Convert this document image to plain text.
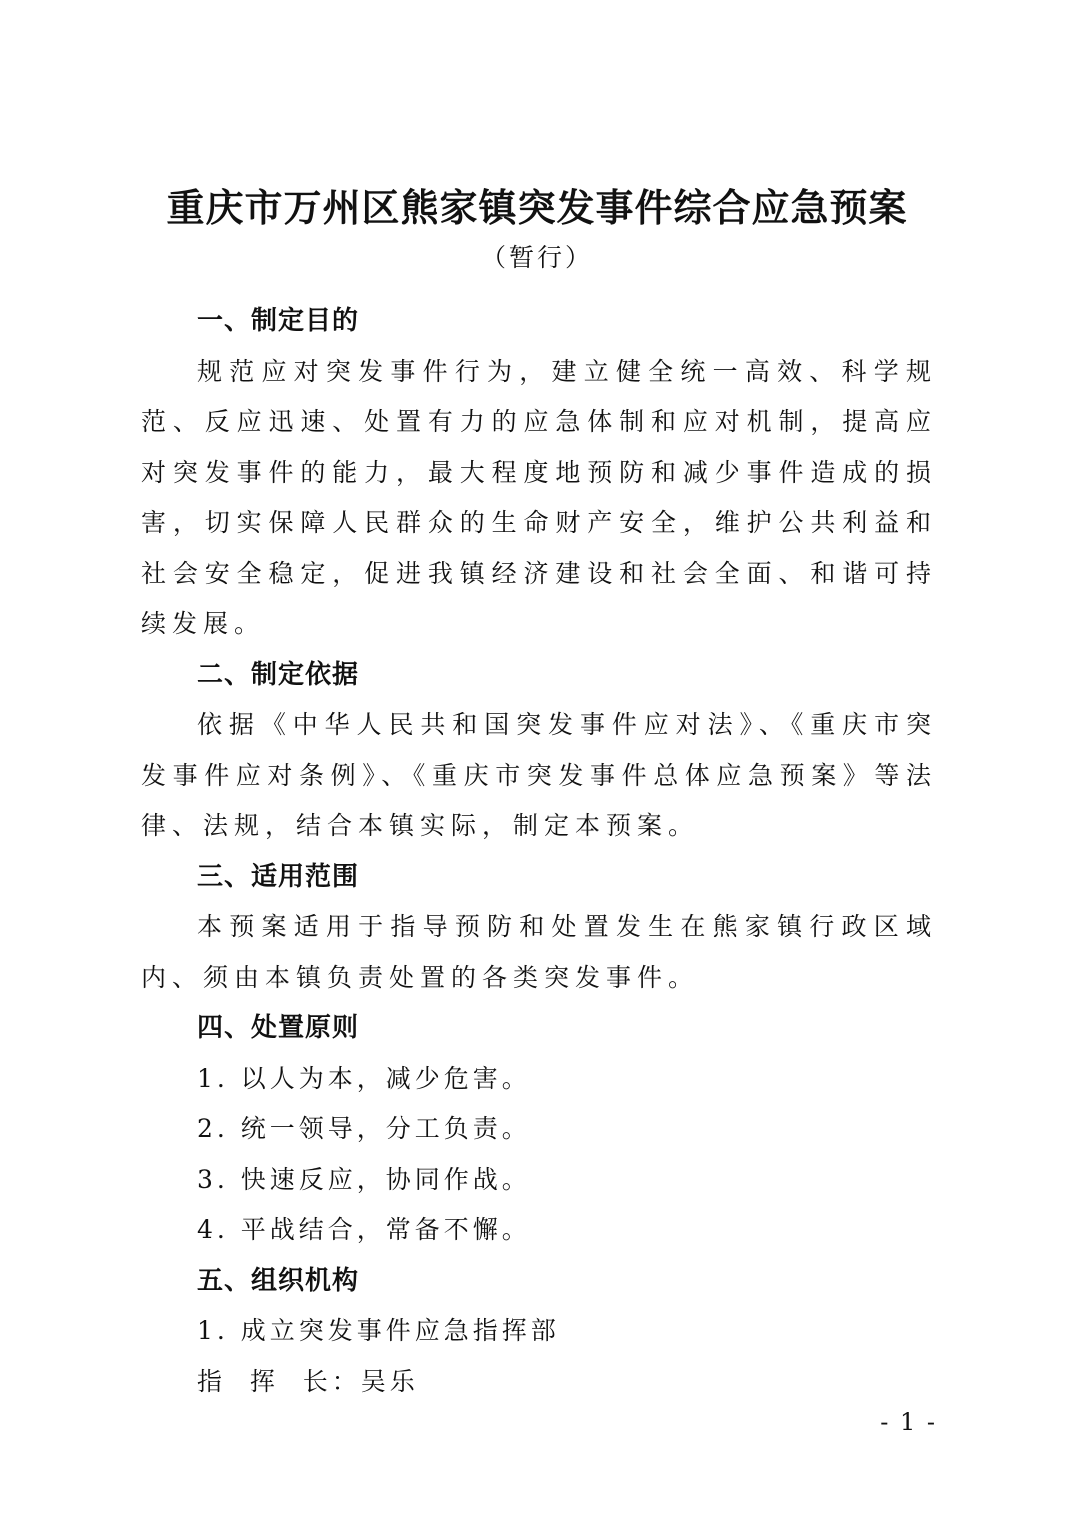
重庆市万州区熊家镇突发事件综合应急预案
（暂行）

一、制定目的

规范应对突发事件行为，建立健全统一高效、科学规范、反应迅速、处置有力的应急体制和应对机制，提高应对突发事件的能力，最大程度地预防和减少事件造成的损害，切实保障人民群众的生命财产安全，维护公共利益和社会安全稳定，促进我镇经济建设和社会全面、和谐可持续发展。

二、制定依据

依据《中华人民共和国突发事件应对法》、《重庆市突发事件应对条例》、《重庆市突发事件总体应急预案》等法律、法规，结合本镇实际，制定本预案。

三、适用范围

本预案适用于指导预防和处置发生在熊家镇行政区域内、须由本镇负责处置的各类突发事件。

四、处置原则

1. 以人为本，减少危害。

2. 统一领导，分工负责。

3. 快速反应，协同作战。

4. 平战结合，常备不懈。

五、组织机构

1. 成立突发事件应急指挥部

指  挥  长：吴乐

- 1 -
